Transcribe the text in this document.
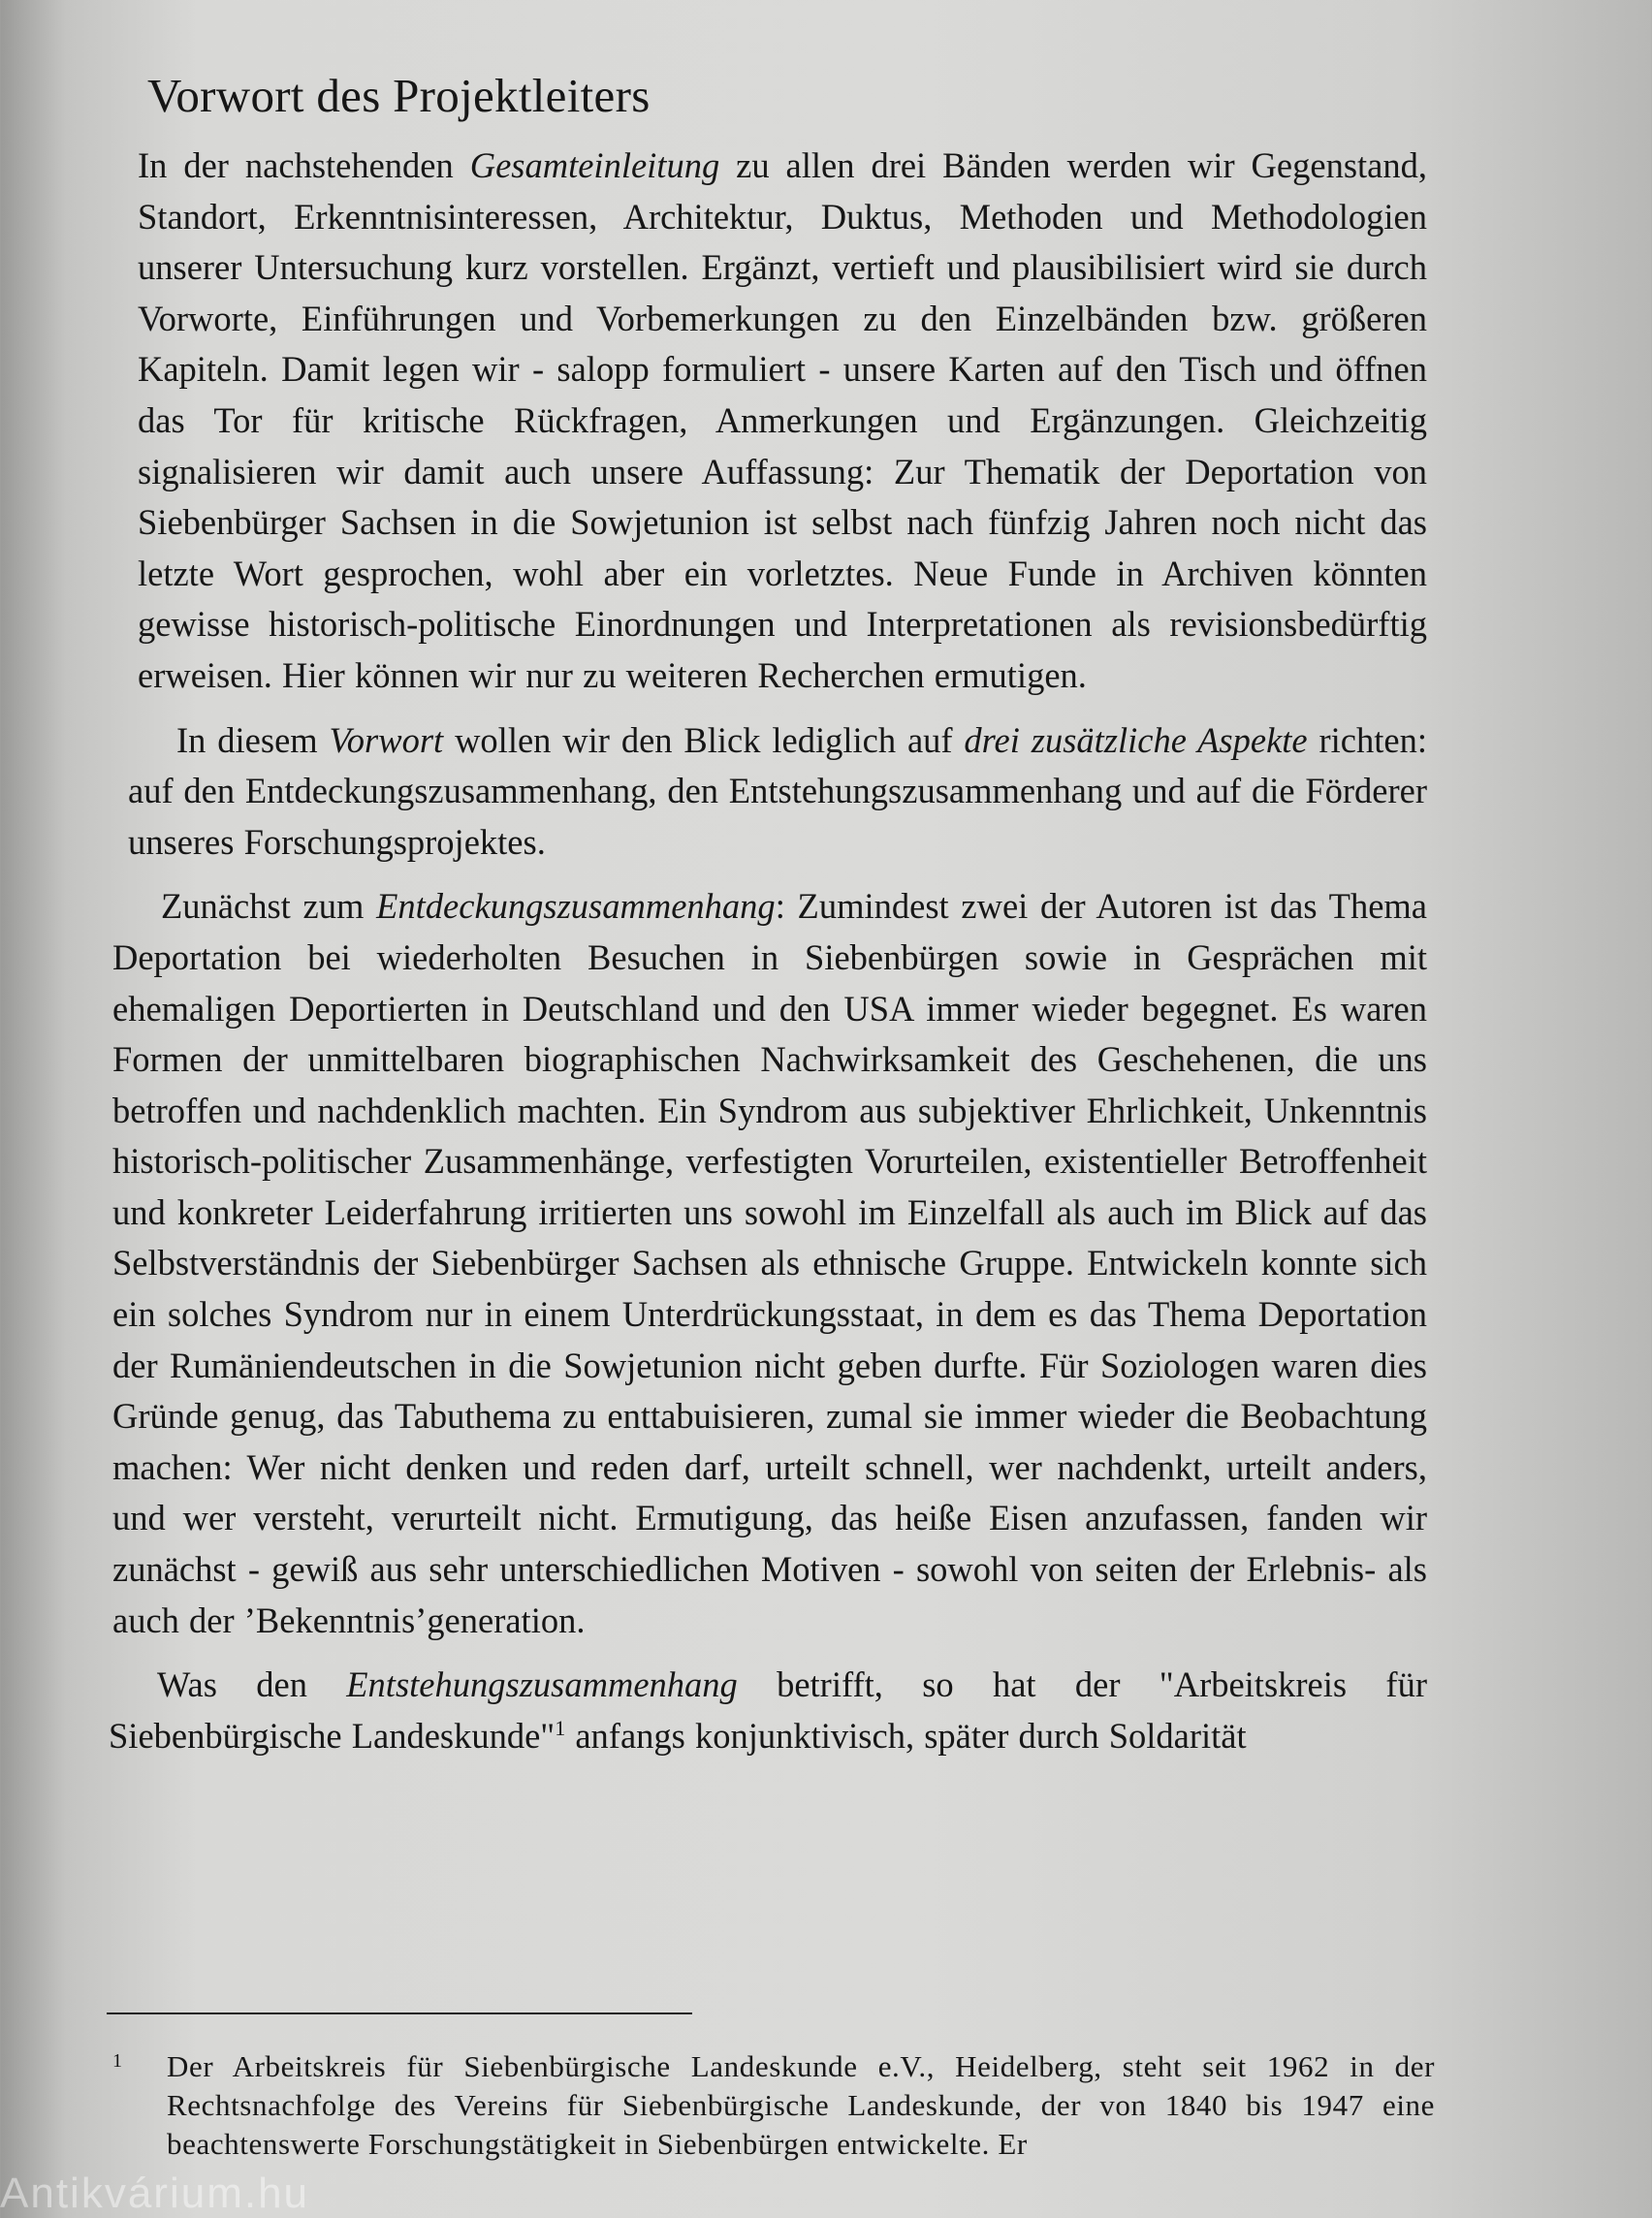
Vorwort des Projektleiters

In der nachstehenden Gesamteinleitung zu allen drei Bänden werden wir Gegenstand, Standort, Erkenntnisinteressen, Architektur, Duktus, Methoden und Methodologien unserer Untersuchung kurz vorstellen. Ergänzt, vertieft und plausibilisiert wird sie durch Vorworte, Einführungen und Vorbemerkungen zu den Einzelbänden bzw. größeren Kapiteln. Damit legen wir - salopp formuliert - unsere Karten auf den Tisch und öffnen das Tor für kritische Rückfragen, Anmerkungen und Ergänzungen. Gleichzeitig signalisieren wir damit auch unsere Auffassung: Zur Thematik der Deportation von Siebenbürger Sachsen in die Sowjetunion ist selbst nach fünfzig Jahren noch nicht das letzte Wort gesprochen, wohl aber ein vorletztes. Neue Funde in Archiven könnten gewisse historisch-politische Einordnungen und Interpretationen als revisionsbedürftig erweisen. Hier können wir nur zu weiteren Recherchen ermutigen.

In diesem Vorwort wollen wir den Blick lediglich auf drei zusätzliche Aspekte richten: auf den Entdeckungszusammenhang, den Entstehungszusammenhang und auf die Förderer unseres Forschungsprojektes.

Zunächst zum Entdeckungszusammenhang: Zumindest zwei der Autoren ist das Thema Deportation bei wiederholten Besuchen in Siebenbürgen sowie in Gesprächen mit ehemaligen Deportierten in Deutschland und den USA immer wieder begegnet. Es waren Formen der unmittelbaren biographischen Nachwirksamkeit des Geschehenen, die uns betroffen und nachdenklich machten. Ein Syndrom aus subjektiver Ehrlichkeit, Unkenntnis historisch-politischer Zusammenhänge, verfestigten Vorurteilen, existentieller Betroffenheit und konkreter Leiderfahrung irritierten uns sowohl im Einzelfall als auch im Blick auf das Selbstverständnis der Siebenbürger Sachsen als ethnische Gruppe. Entwickeln konnte sich ein solches Syndrom nur in einem Unterdrückungsstaat, in dem es das Thema Deportation der Rumäniendeutschen in die Sowjetunion nicht geben durfte. Für Soziologen waren dies Gründe genug, das Tabuthema zu enttabuisieren, zumal sie immer wieder die Beobachtung machen: Wer nicht denken und reden darf, urteilt schnell, wer nachdenkt, urteilt anders, und wer versteht, verurteilt nicht. Ermutigung, das heiße Eisen anzufassen, fanden wir zunächst - gewiß aus sehr unterschiedlichen Motiven - sowohl von seiten der Erlebnis- als auch der ’Bekenntnis’generation.

Was den Entstehungszusammenhang betrifft, so hat der "Arbeitskreis für Siebenbürgische Landeskunde"$^1$ anfangs konjunktivisch, später durch Soldarität

1 Der Arbeitskreis für Siebenbürgische Landeskunde e.V., Heidelberg, steht seit 1962 in der Rechtsnachfolge des Vereins für Siebenbürgische Landeskunde, der von 1840 bis 1947 eine beachtenswerte Forschungstätigkeit in Siebenbürgen entwickelte. Er
Antikvárium.hu
